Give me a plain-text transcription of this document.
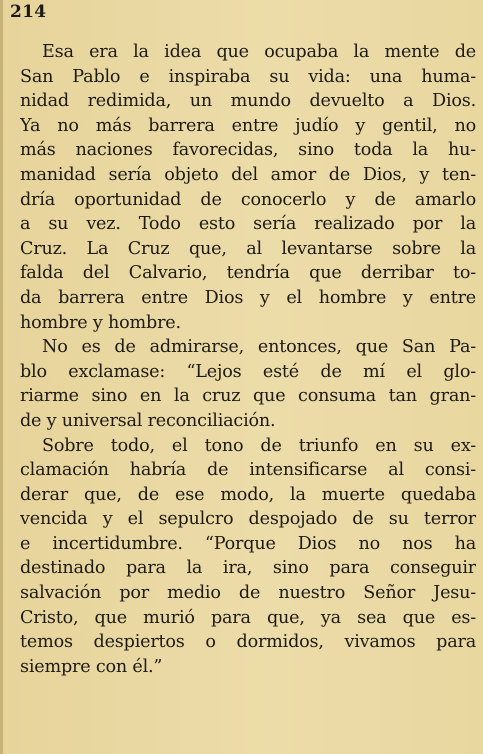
214
Esa era la idea que ocupaba la mente de
San Pablo e inspiraba su vida: una huma-
nidad redimida, un mundo devuelto a Dios.
Ya no más barrera entre judío y gentil, no
más naciones favorecidas, sino toda la hu-
manidad sería objeto del amor de Dios, y ten-
dría oportunidad de conocerlo y de amarlo
a su vez. Todo esto sería realizado por la
Cruz. La Cruz que, al levantarse sobre la
falda del Calvario, tendría que derribar to-
da barrera entre Dios y el hombre y entre
hombre y hombre.
No es de admirarse, entonces, que San Pa-
blo exclamase: “Lejos esté de mí el glo-
riarme sino en la cruz que consuma tan gran-
de y universal reconciliación.
Sobre todo, el tono de triunfo en su ex-
clamación habría de intensificarse al consi-
derar que, de ese modo, la muerte quedaba
vencida y el sepulcro despojado de su terror
e incertidumbre. “Porque Dios no nos ha
destinado para la ira, sino para conseguir
salvación por medio de nuestro Señor Jesu-
Cristo, que murió para que, ya sea que es-
temos despiertos o dormidos, vivamos para
siempre con él.”
